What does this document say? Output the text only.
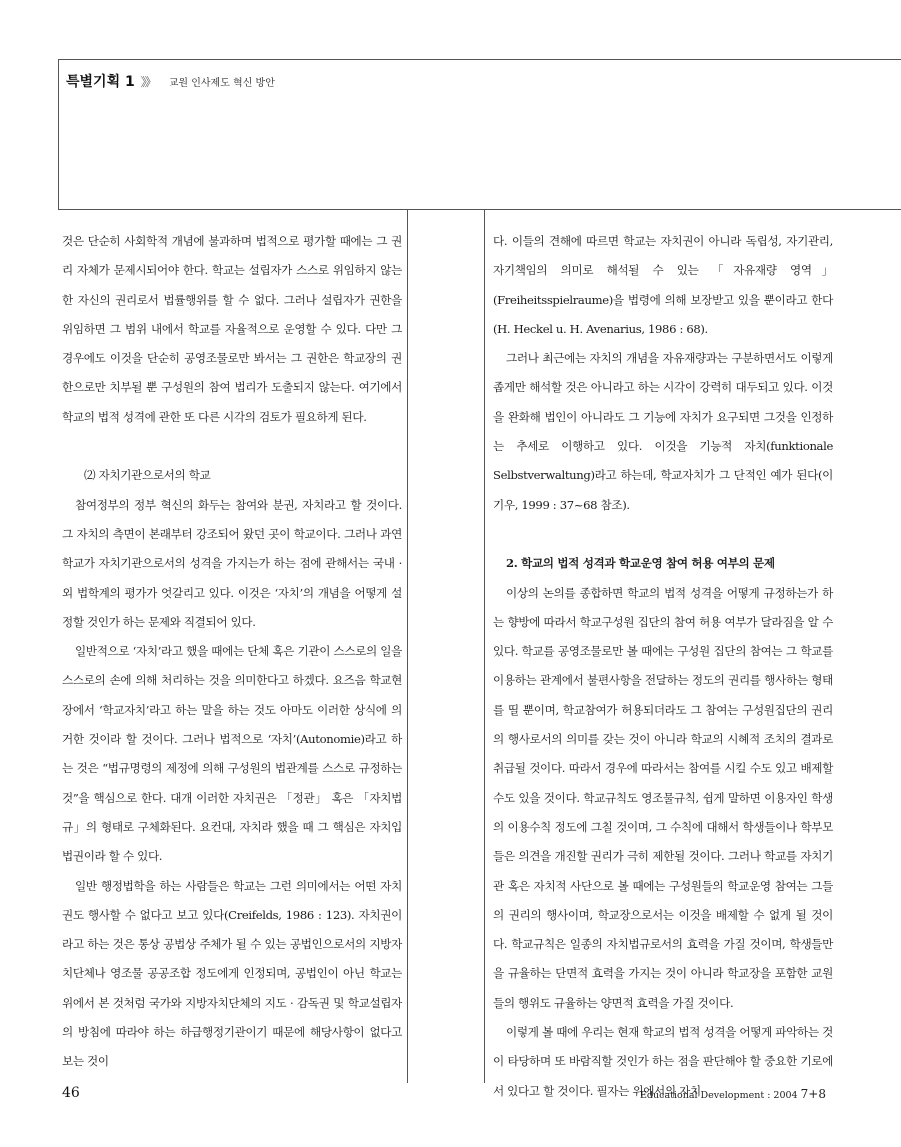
특별기획 1 》》 교원 인사제도 혁신 방안
것은 단순히 사회학적 개념에 불과하며 법적으로 평가할 때에는 그 권리 자체가 문제시되어야 한다. 학교는 설립자가 스스로 위임하지 않는 한 자신의 권리로서 법률행위를 할 수 없다. 그러나 설립자가 권한을 위임하면 그 범위 내에서 학교를 자율적으로 운영할 수 있다. 다만 그 경우에도 이것을 단순히 공영조물로만 봐서는 그 권한은 학교장의 권한으로만 치부될 뿐 구성원의 참여 법리가 도출되지 않는다. 여기에서 학교의 법적 성격에 관한 또 다른 시각의 검토가 필요하게 된다.
⑵ 자치기관으로서의 학교
참여정부의 정부 혁신의 화두는 참여와 분권, 자치라고 할 것이다. 그 자치의 측면이 본래부터 강조되어 왔던 곳이 학교이다. 그러나 과연 학교가 자치기관으로서의 성격을 가지는가 하는 점에 관해서는 국내 · 외 법학계의 평가가 엇갈리고 있다. 이것은 ‘자치’의 개념을 어떻게 설정할 것인가 하는 문제와 직결되어 있다.
일반적으로 ‘자치’라고 했을 때에는 단체 혹은 기관이 스스로의 일을 스스로의 손에 의해 처리하는 것을 의미한다고 하겠다. 요즈음 학교현장에서 ‘학교자치’라고 하는 말을 하는 것도 아마도 이러한 상식에 의거한 것이라 할 것이다. 그러나 법적으로 ‘자치’(Autonomie)라고 하는 것은 “법규명령의 제정에 의해 구성원의 법관계를 스스로 규정하는 것”을 핵심으로 한다. 대개 이러한 자치권은 「정관」 혹은 「자치법규」의 형태로 구체화된다. 요컨대, 자치라 했을 때 그 핵심은 자치입법권이라 할 수 있다.
일반 행정법학을 하는 사람들은 학교는 그런 의미에서는 어떤 자치권도 행사할 수 없다고 보고 있다(Creifelds, 1986 : 123). 자치권이라고 하는 것은 통상 공법상 주체가 될 수 있는 공법인으로서의 지방자치단체나 영조물 공공조합 정도에게 인정되며, 공법인이 아닌 학교는 위에서 본 것처럼 국가와 지방자치단체의 지도 · 감독권 및 학교설립자의 방침에 따라야 하는 하급행정기관이기 때문에 해당사항이 없다고 보는 것이
다. 이들의 견해에 따르면 학교는 자치권이 아니라 독립성, 자기관리, 자기책임의 의미로 해석될 수 있는 「자유재량 영역」(Freiheitsspielraume)을 법령에 의해 보장받고 있을 뿐이라고 한다(H. Heckel u. H. Avenarius, 1986 : 68).
그러나 최근에는 자치의 개념을 자유재량과는 구분하면서도 이렇게 좁게만 해석할 것은 아니라고 하는 시각이 강력히 대두되고 있다. 이것을 완화해 법인이 아니라도 그 기능에 자치가 요구되면 그것을 인정하는 추세로 이행하고 있다. 이것을 기능적 자치(funktionale Selbstverwaltung)라고 하는데, 학교자치가 그 단적인 예가 된다(이기우, 1999 : 37~68 참조).
2. 학교의 법적 성격과 학교운영 참여 허용 여부의 문제
이상의 논의를 종합하면 학교의 법적 성격을 어떻게 규정하는가 하는 향방에 따라서 학교구성원 집단의 참여 허용 여부가 달라짐을 알 수 있다. 학교를 공영조물로만 볼 때에는 구성원 집단의 참여는 그 학교를 이용하는 관계에서 불편사항을 전달하는 정도의 권리를 행사하는 형태를 띨 뿐이며, 학교참여가 허용되더라도 그 참여는 구성원집단의 권리의 행사로서의 의미를 갖는 것이 아니라 학교의 시혜적 조치의 결과로 취급될 것이다. 따라서 경우에 따라서는 참여를 시킬 수도 있고 배제할 수도 있을 것이다. 학교규칙도 영조물규칙, 쉽게 말하면 이용자인 학생의 이용수칙 정도에 그칠 것이며, 그 수칙에 대해서 학생들이나 학부모들은 의견을 개진할 권리가 극히 제한될 것이다. 그러나 학교를 자치기관 혹은 자치적 사단으로 볼 때에는 구성원들의 학교운영 참여는 그들의 권리의 행사이며, 학교장으로서는 이것을 배제할 수 없게 될 것이다. 학교규칙은 일종의 자치법규로서의 효력을 가질 것이며, 학생들만을 규율하는 단면적 효력을 가지는 것이 아니라 학교장을 포함한 교원들의 행위도 규율하는 양면적 효력을 가질 것이다.
이렇게 볼 때에 우리는 현재 학교의 법적 성격을 어떻게 파악하는 것이 타당하며 또 바람직할 것인가 하는 점을 판단해야 할 중요한 기로에 서 있다고 할 것이다. 필자는 위에서의 자치
46	Educational Development : 2004 7+8
